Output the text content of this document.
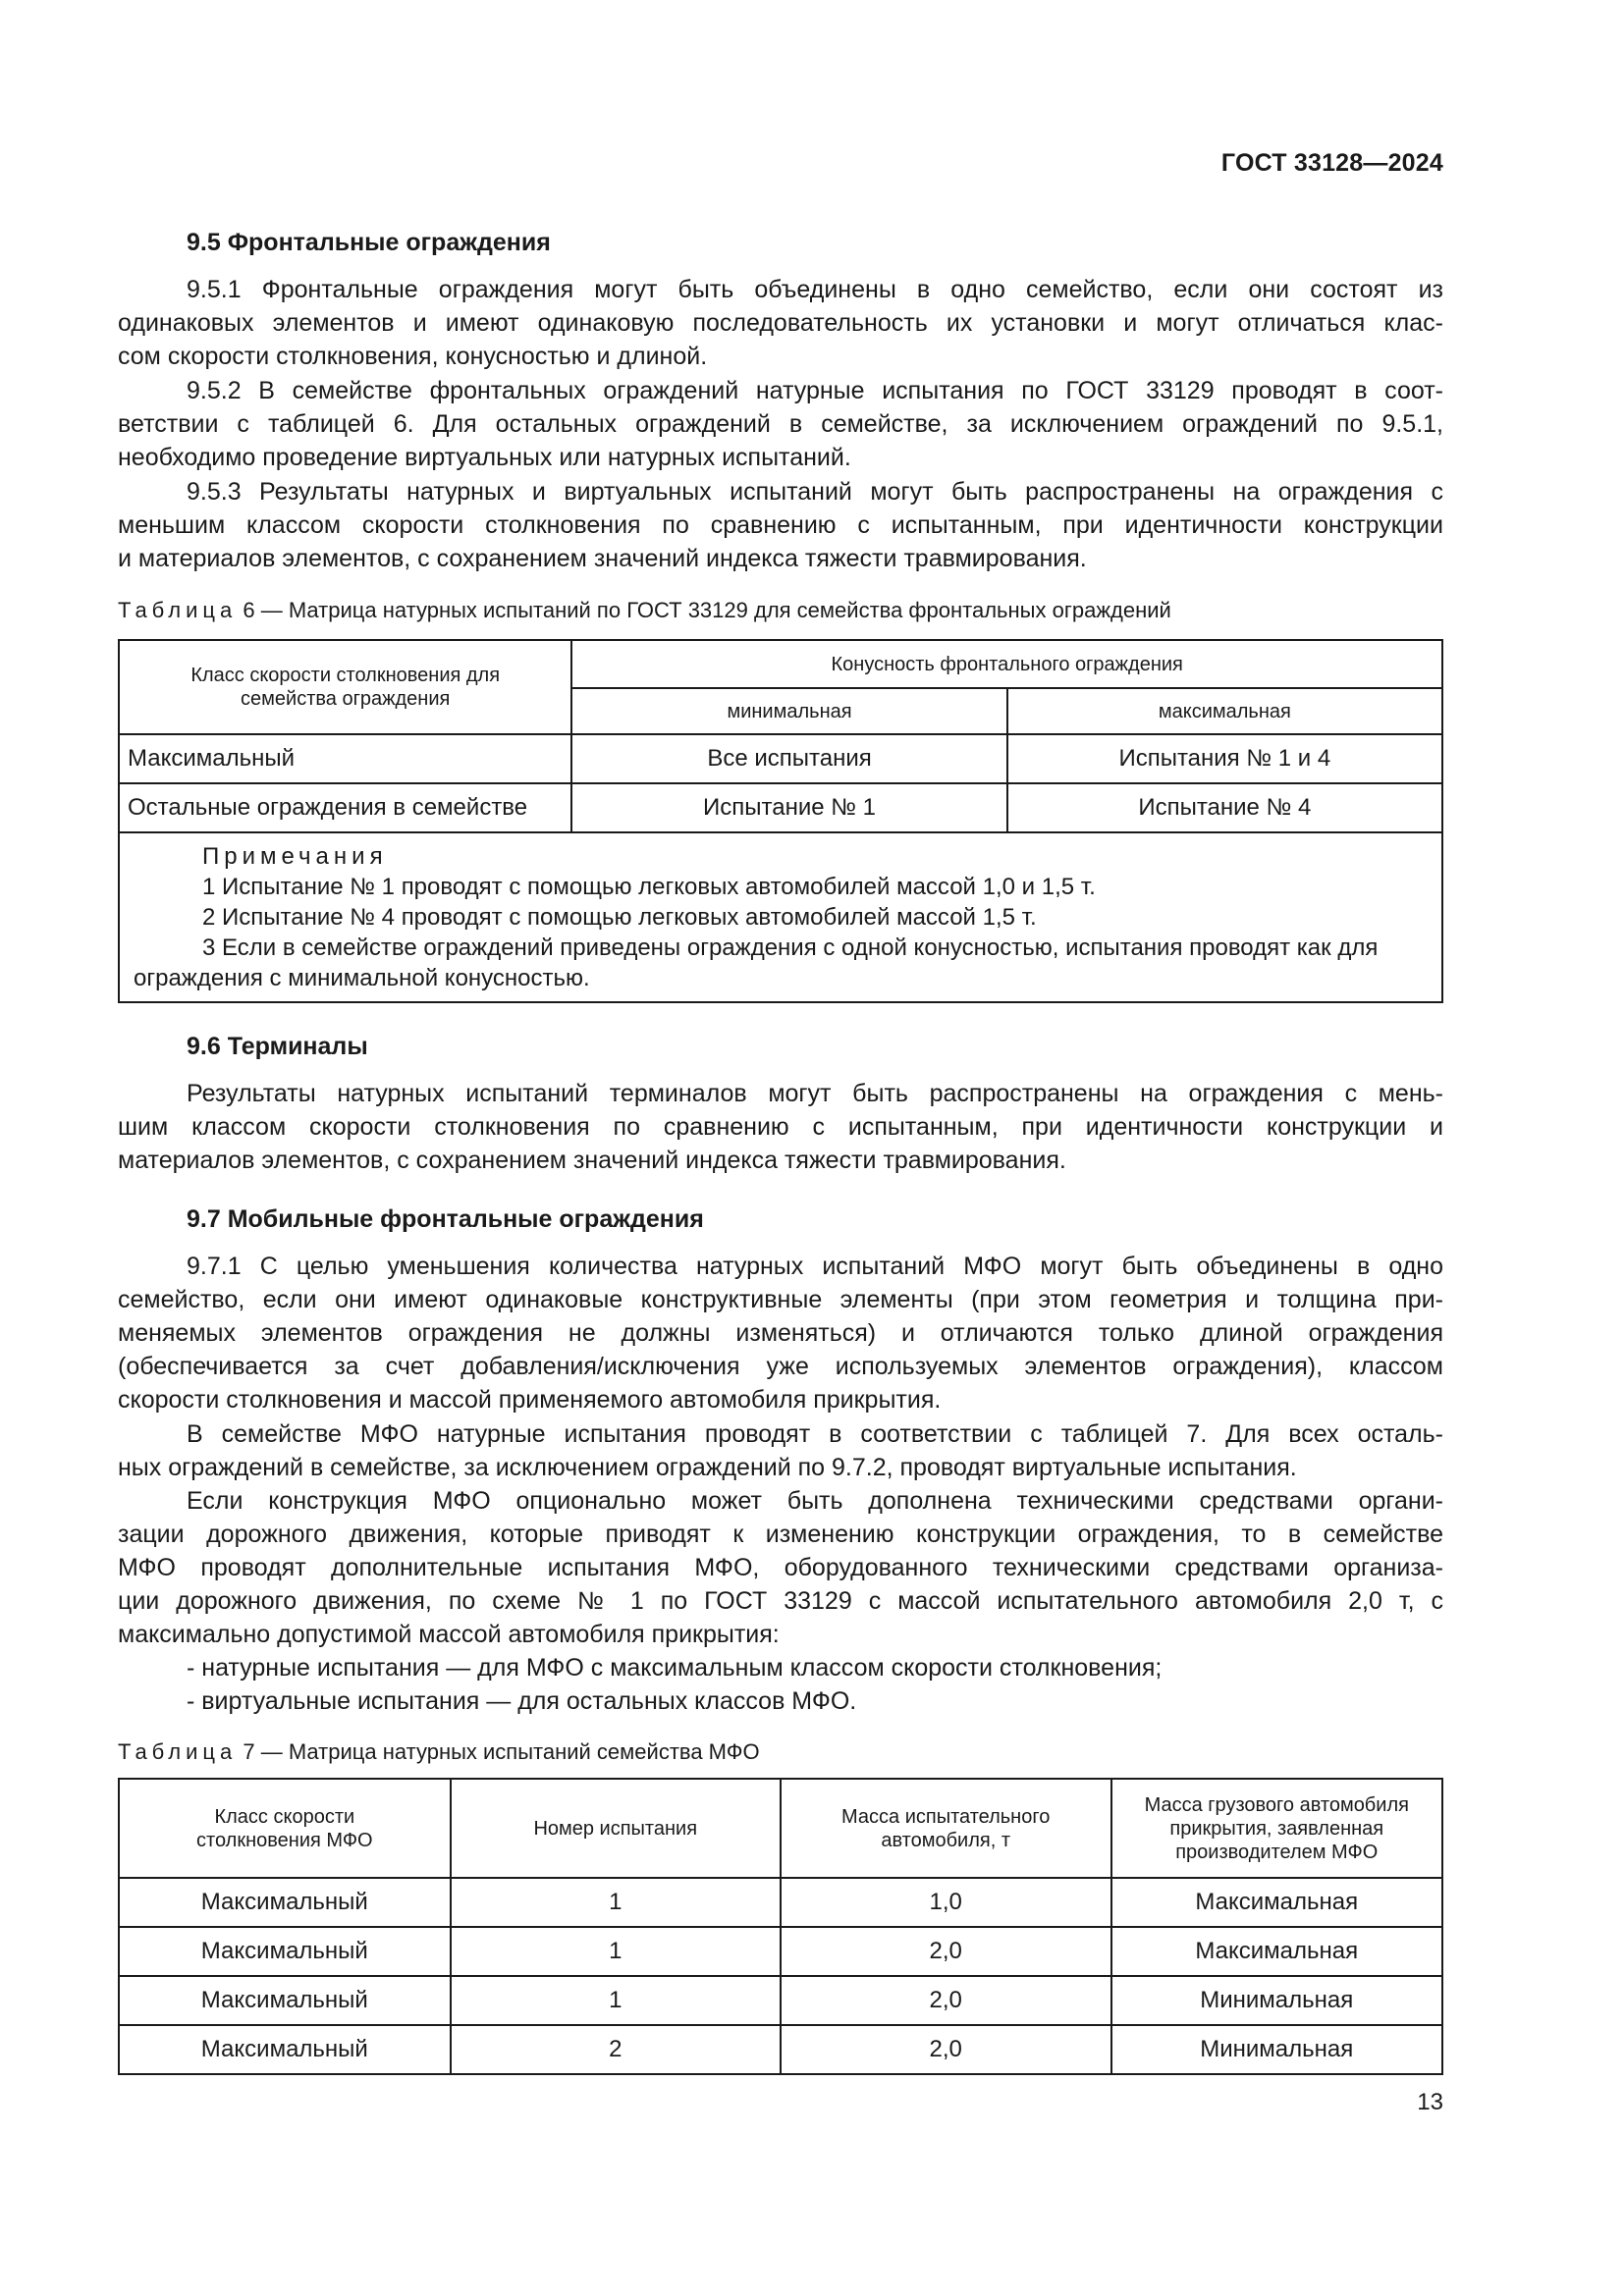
ГОСТ 33128—2024
9.5 Фронтальные ограждения
9.5.1 Фронтальные ограждения могут быть объединены в одно семейство, если они состоят из
одинаковых элементов и имеют одинаковую последовательность их установки и могут отличаться клас-
сом скорости столкновения, конусностью и длиной.
9.5.2 В семействе фронтальных ограждений натурные испытания по ГОСТ 33129 проводят в соот-
ветствии с таблицей 6. Для остальных ограждений в семействе, за исключением ограждений по 9.5.1,
необходимо проведение виртуальных или натурных испытаний.
9.5.3 Результаты натурных и виртуальных испытаний могут быть распространены на ограждения с
меньшим классом скорости столкновения по сравнению с испытанным, при идентичности конструкции
и материалов элементов, с сохранением значений индекса тяжести травмирования.
Таблица 6 — Матрица натурных испытаний по ГОСТ 33129 для семейства фронтальных ограждений
Класс скорости столкновения для семейства ограждения	Конусность фронтального ограждения	
	минимальная	максимальная
Максимальный	Все испытания	Испытания № 1 и 4
Остальные ограждения в семействе	Испытание № 1	Испытание № 4

Примечания
1 Испытание № 1 проводят с помощью легковых автомобилей массой 1,0 и 1,5 т.
2 Испытание № 4 проводят с помощью легковых автомобилей массой 1,5 т.
3 Если в семействе ограждений приведены ограждения с одной конусностью, испытания проводят как для ограждения с минимальной конусностью.		
9.6 Терминалы
Результаты натурных испытаний терминалов могут быть распространены на ограждения с мень-
шим классом скорости столкновения по сравнению с испытанным, при идентичности конструкции и
материалов элементов, с сохранением значений индекса тяжести травмирования.
9.7 Мобильные фронтальные ограждения
9.7.1 С целью уменьшения количества натурных испытаний МФО могут быть объединены в одно
семейство, если они имеют одинаковые конструктивные элементы (при этом геометрия и толщина при-
меняемых элементов ограждения не должны изменяться) и отличаются только длиной ограждения
(обеспечивается за счет добавления/исключения уже используемых элементов ограждения), классом
скорости столкновения и массой применяемого автомобиля прикрытия.
В семействе МФО натурные испытания проводят в соответствии с таблицей 7. Для всех осталь-
ных ограждений в семействе, за исключением ограждений по 9.7.2, проводят виртуальные испытания.
Если конструкция МФО опционально может быть дополнена техническими средствами органи-
зации дорожного движения, которые приводят к изменению конструкции ограждения, то в семействе
МФО проводят дополнительные испытания МФО, оборудованного техническими средствами организа-
ции дорожного движения, по схеме № 1 по ГОСТ 33129 с массой испытательного автомобиля 2,0 т, с
максимально допустимой массой автомобиля прикрытия:
- натурные испытания — для МФО с максимальным классом скорости столкновения;
- виртуальные испытания — для остальных классов МФО.
Таблица 7 — Матрица натурных испытаний семейства МФО
Класс скорости столкновения МФО	Номер испытания	Масса испытательного автомобиля, т	Масса грузового автомобиля прикрытия, заявленная производителем МФО
Максимальный	1	1,0	Максимальная
Максимальный	1	2,0	Максимальная
Максимальный	1	2,0	Минимальная
Максимальный	2	2,0	Минимальная
13
